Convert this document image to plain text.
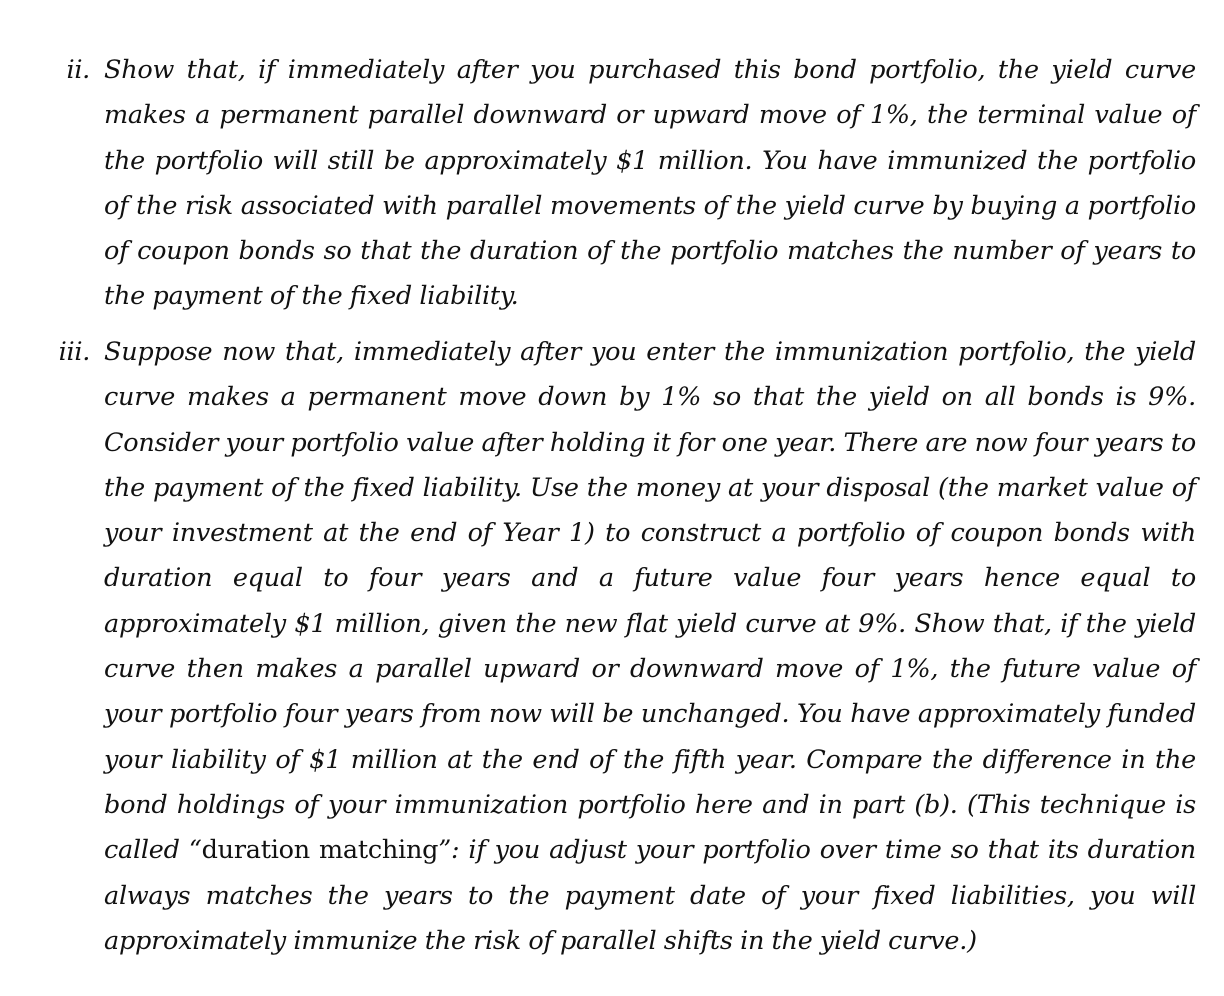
ii. Show that, if immediately after you purchased this bond portfolio, the yield curve makes a permanent parallel downward or upward move of 1%, the terminal value of the portfolio will still be approximately $1 million. You have immunized the portfolio of the risk associated with parallel movements of the yield curve by buying a portfolio of coupon bonds so that the duration of the portfolio matches the number of years to the payment of the fixed liability.

iii. Suppose now that, immediately after you enter the immunization portfolio, the yield curve makes a permanent move down by 1% so that the yield on all bonds is 9%. Consider your portfolio value after holding it for one year. There are now four years to the payment of the fixed liability. Use the money at your disposal (the market value of your investment at the end of Year 1) to construct a portfolio of coupon bonds with duration equal to four years and a future value four years hence equal to approximately $1 million, given the new flat yield curve at 9%. Show that, if the yield curve then makes a parallel upward or downward move of 1%, the future value of your portfolio four years from now will be unchanged. You have approximately funded your liability of $1 million at the end of the fifth year. Compare the difference in the bond holdings of your immunization portfolio here and in part (b). (This technique is called “duration matching”: if you adjust your portfolio over time so that its duration always matches the years to the payment date of your fixed liabilities, you will approximately immunize the risk of parallel shifts in the yield curve.)
